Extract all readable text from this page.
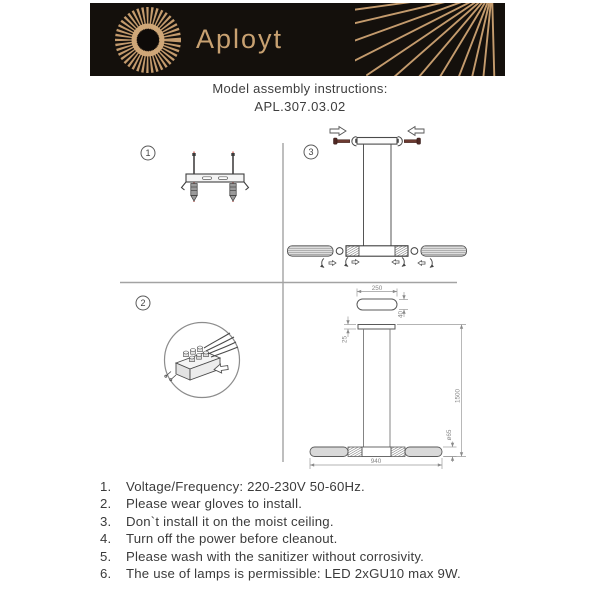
Aployt
Model assembly instructions:
APL.307.03.02
1	3
2
250
40
25
1500
ø65
940
1.	Voltage/Frequency: 220-230V 50-60Hz.
2.	Please wear gloves to install.
3.	Don`t install it on the moist ceiling.
4.	Turn off the power before cleanout.
5.	Please wash with the sanitizer without corrosivity.
6.	The use of lamps is permissible: LED 2xGU10 max 9W.
